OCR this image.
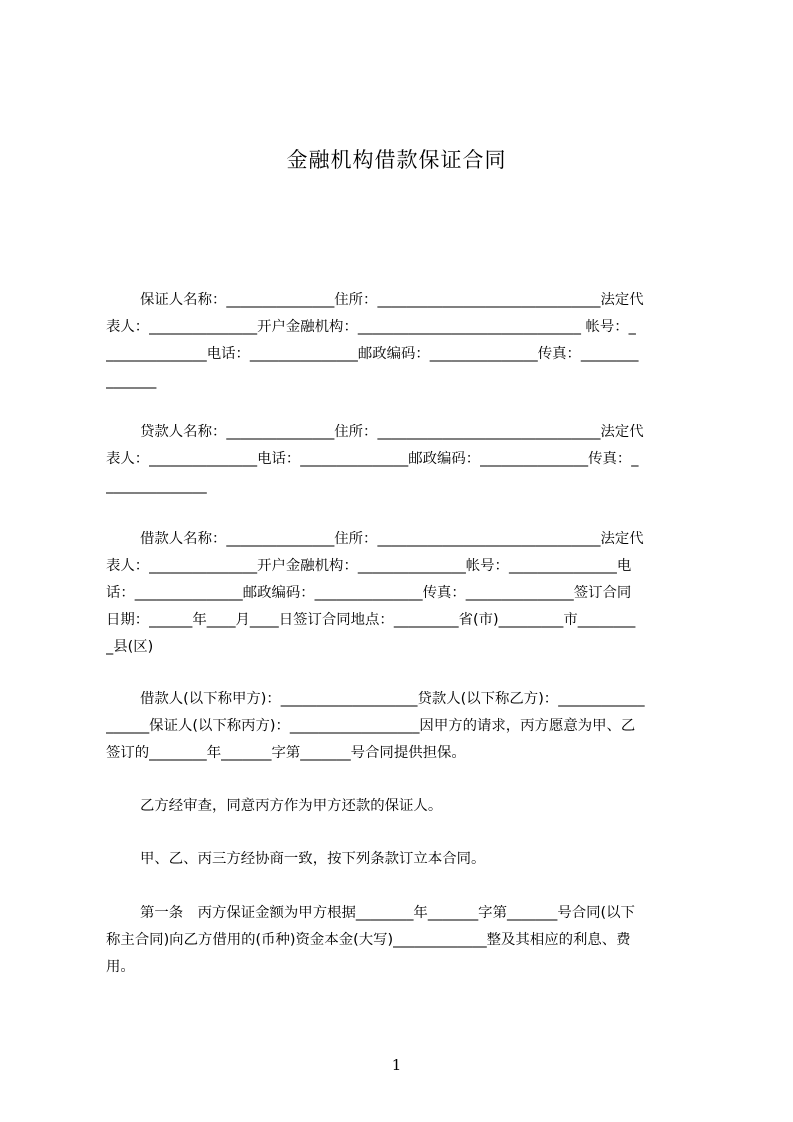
金融机构借款保证合同
保证人名称：_______________住所：_______________________________法定代
表人：_______________开户金融机构：_______________________________ 帐号：_
______________电话：_______________邮政编码：_______________传真：________
_______
贷款人名称：_______________住所：_______________________________法定代
表人：_______________电话：_______________邮政编码：_______________传真：_
______________
借款人名称：_______________住所：_______________________________法定代
表人：_______________开户金融机构：_______________帐号：_______________电
话：_______________邮政编码：_______________传真：_______________签订合同
日期：______年____月____日签订合同地点：_________省(市)_________市________
_县(区)
借款人(以下称甲方)：___________________贷款人(以下称乙方)：____________
______保证人(以下称丙方)：__________________因甲方的请求，丙方愿意为甲、乙
签订的________年_______字第_______号合同提供担保。
乙方经审查，同意丙方作为甲方还款的保证人。
甲、乙、丙三方经协商一致，按下列条款订立本合同。
第一条　丙方保证金额为甲方根据________年_______字第_______号合同(以下
称主合同)向乙方借用的(币种)资金本金(大写)_____________整及其相应的利息、费
用。
1
